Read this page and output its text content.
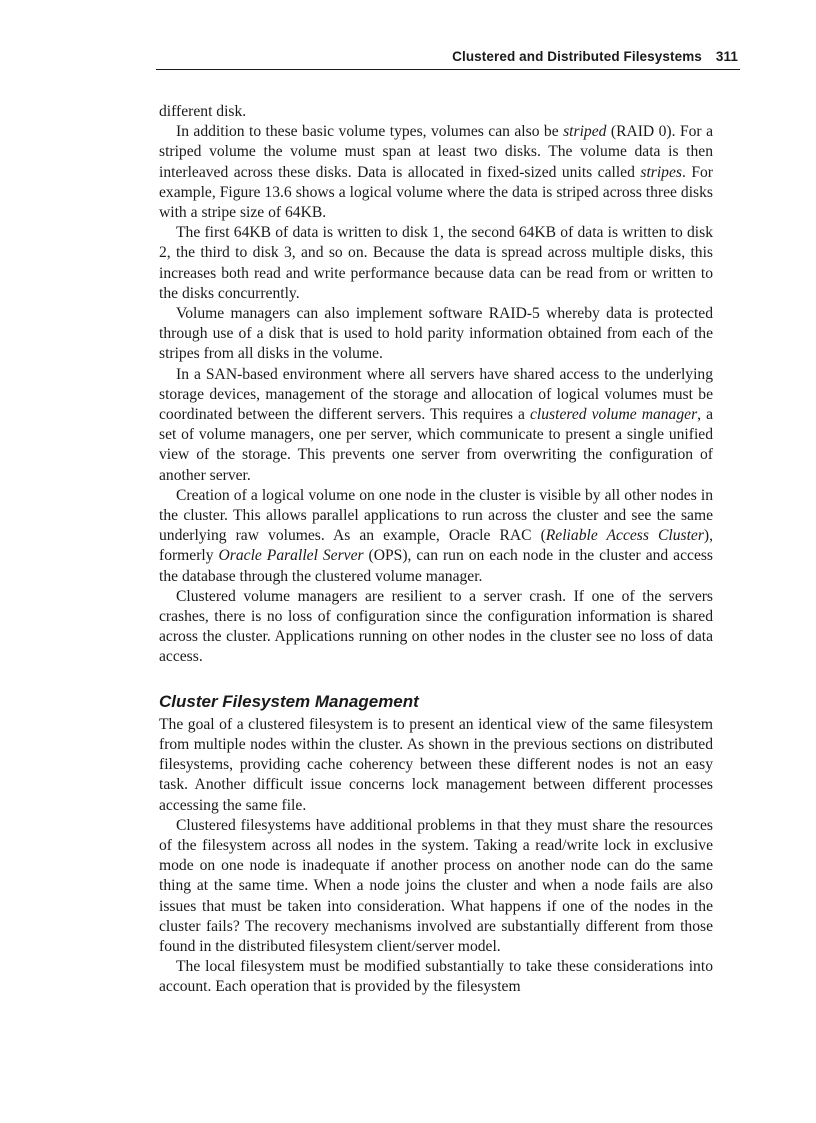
Clustered and Distributed Filesystems 311

different disk.

In addition to these basic volume types, volumes can also be striped (RAID 0). For a striped volume the volume must span at least two disks. The volume data is then interleaved across these disks. Data is allocated in fixed-sized units called stripes. For example, Figure 13.6 shows a logical volume where the data is striped across three disks with a stripe size of 64KB.

The first 64KB of data is written to disk 1, the second 64KB of data is written to disk 2, the third to disk 3, and so on. Because the data is spread across multiple disks, this increases both read and write performance because data can be read from or written to the disks concurrently.

Volume managers can also implement software RAID-5 whereby data is protected through use of a disk that is used to hold parity information obtained from each of the stripes from all disks in the volume.

In a SAN-based environment where all servers have shared access to the underlying storage devices, management of the storage and allocation of logical volumes must be coordinated between the different servers. This requires a clustered volume manager, a set of volume managers, one per server, which communicate to present a single unified view of the storage. This prevents one server from overwriting the configuration of another server.

Creation of a logical volume on one node in the cluster is visible by all other nodes in the cluster. This allows parallel applications to run across the cluster and see the same underlying raw volumes. As an example, Oracle RAC (Reliable Access Cluster), formerly Oracle Parallel Server (OPS), can run on each node in the cluster and access the database through the clustered volume manager.

Clustered volume managers are resilient to a server crash. If one of the servers crashes, there is no loss of configuration since the configuration information is shared across the cluster. Applications running on other nodes in the cluster see no loss of data access.

Cluster Filesystem Management

The goal of a clustered filesystem is to present an identical view of the same filesystem from multiple nodes within the cluster. As shown in the previous sections on distributed filesystems, providing cache coherency between these different nodes is not an easy task. Another difficult issue concerns lock management between different processes accessing the same file.

Clustered filesystems have additional problems in that they must share the resources of the filesystem across all nodes in the system. Taking a read/write lock in exclusive mode on one node is inadequate if another process on another node can do the same thing at the same time. When a node joins the cluster and when a node fails are also issues that must be taken into consideration. What happens if one of the nodes in the cluster fails? The recovery mechanisms involved are substantially different from those found in the distributed filesystem client/server model.

The local filesystem must be modified substantially to take these considerations into account. Each operation that is provided by the filesystem
